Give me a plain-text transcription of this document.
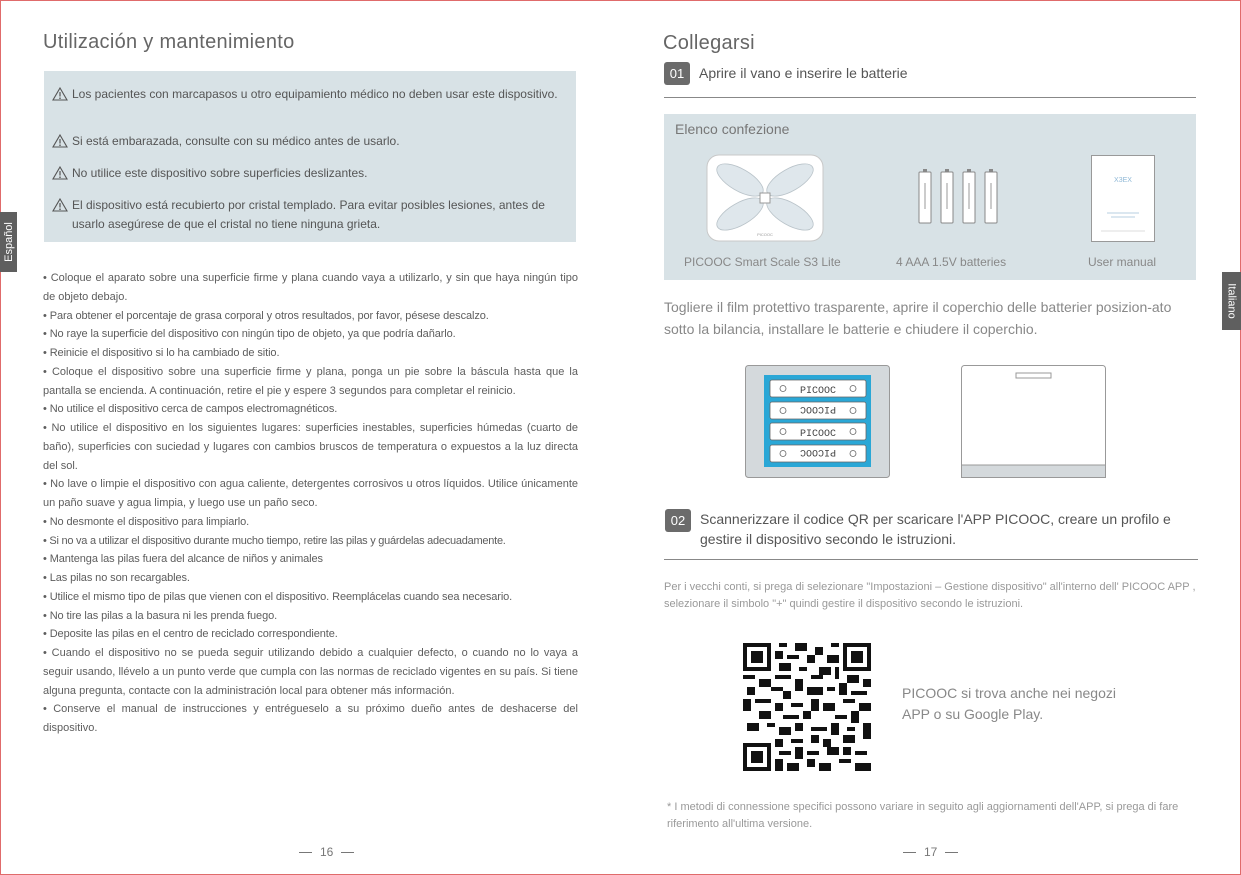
Utilización y mantenimiento
Español
Los pacientes con marcapasos u otro equipamiento médico no deben usar este dispositivo.
Si está embarazada, consulte con su médico antes de usarlo.
No utilice este dispositivo sobre superficies deslizantes.
El dispositivo está recubierto por cristal templado. Para evitar posibles lesiones, antes de usarlo asegúrese de que el cristal no tiene ninguna grieta.

• Coloque el aparato sobre una superficie firme y plana cuando vaya a utilizarlo, y sin que haya ningún tipo de objeto debajo.

• Para obtener el porcentaje de grasa corporal y otros resultados, por favor, pésese descalzo.

• No raye la superficie del dispositivo con ningún tipo de objeto, ya que podría dañarlo.

• Reinicie el dispositivo si lo ha cambiado de sitio.

• Coloque el dispositivo sobre una superficie firme y plana, ponga un pie sobre la báscula hasta que la pantalla se encienda. A continuación, retire el pie y espere 3 segundos para completar el reinicio.

• No utilice el dispositivo cerca de campos electromagnéticos.

• No utilice el dispositivo en los siguientes lugares: superficies inestables, superficies húmedas (cuarto de baño), superficies con suciedad y lugares con cambios bruscos de temperatura o expuestos a la luz directa del sol.

• No lave o limpie el dispositivo con agua caliente, detergentes corrosivos u otros líquidos. Utilice únicamente un paño suave y agua limpia, y luego use un paño seco.

• No desmonte el dispositivo para limpiarlo.

• Si no va a utilizar el dispositivo durante mucho tiempo, retire las pilas y guárdelas adecuadamente.

• Mantenga las pilas fuera del alcance de niños y animales

• Las pilas no son recargables.

• Utilice el mismo tipo de pilas que vienen con el dispositivo. Reemplácelas cuando sea necesario.

• No tire las pilas a la basura ni les prenda fuego.

• Deposite las pilas en el centro de reciclado correspondiente.

• Cuando el dispositivo no se pueda seguir utilizando debido a cualquier defecto, o cuando no lo vaya a seguir usando, llévelo a un punto verde que cumpla con las normas de reciclado vigentes en su país. Si tiene alguna pregunta, contacte con la administración local para obtener más información.

• Conserve el manual de instrucciones y entrégueselo a su próximo dueño antes de deshacerse del dispositivo.

16
Collegarsi
Italiano
01	Aprire il vano e inserire le batterie
Elenco confezione
PICOOC
X3EX
PICOOC Smart Scale S3 Lite	4 AAA 1.5V batteries	User manual
Togliere il film protettivo trasparente, aprire il coperchio delle batterier posizion-ato sotto la bilancia, installare le batterie e chiudere il coperchio.
PICOOC
PICOOC
PICOOC
PICOOC
02	Scannerizzare il codice QR per scaricare l'APP PICOOC, creare un profilo e gestire il dispositivo secondo le istruzioni.
Per i vecchi conti, si prega di selezionare "Impostazioni – Gestione dispositivo" all'interno dell' PICOOC APP , selezionare il simbolo "+" quindi gestire il dispositivo secondo le istruzioni.
PICOOC si trova anche nei negozi APP o su Google Play.
* I metodi di connessione specifici possono variare in seguito agli aggiornamenti dell'APP, si prega di fare riferimento all'ultima versione.
17
